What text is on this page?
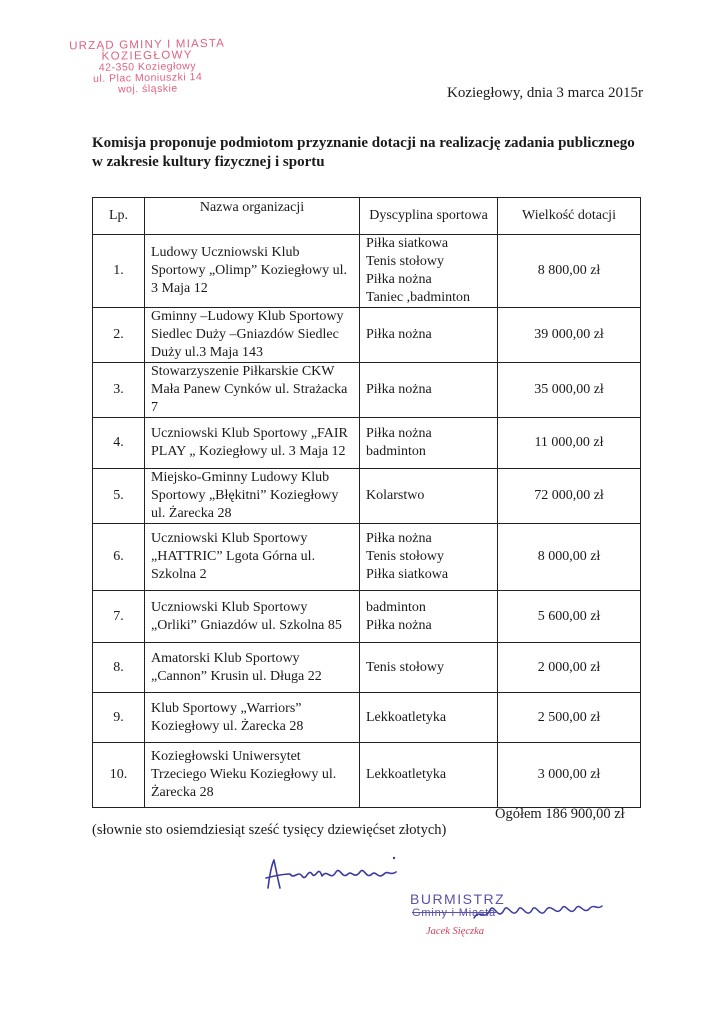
URZĄD GMINY I MIASTA
KOZIEGŁOWY
42-350 Koziegłowy
ul. Plac Moniuszki 14
woj. śląskie	Koziegłowy, dnia 3 marca 2015r
Komisja proponuje podmiotom przyznanie dotacji na realizację zadania publicznego w zakresie kultury fizycznej i sportu
Lp.	Nazwa organizacji	Dyscyplina sportowa	Wielkość dotacji
1.	Ludowy Uczniowski Klub Sportowy „Olimp” Koziegłowy ul. 3 Maja 12	Piłka siatkowa
Tenis stołowy
Piłka nożna
Taniec ,badminton	8 800,00 zł
2.	Gminny –Ludowy Klub Sportowy Siedlec Duży –Gniazdów Siedlec Duży ul.3 Maja 143	Piłka nożna	39 000,00 zł
3.	Stowarzyszenie Piłkarskie CKW Mała Panew Cynków ul. Strażacka 7	Piłka nożna	35 000,00 zł
4.	Uczniowski Klub Sportowy „FAIR PLAY „ Koziegłowy ul. 3 Maja 12	Piłka nożna
badminton	11 000,00 zł
5.	Miejsko-Gminny Ludowy Klub Sportowy „Błękitni” Koziegłowy ul. Żarecka 28	Kolarstwo	72 000,00 zł
6.	Uczniowski Klub Sportowy „HATTRIC” Lgota Górna ul. Szkolna 2	Piłka nożna
Tenis stołowy
Piłka siatkowa	8 000,00 zł
7.	Uczniowski Klub Sportowy „Orliki” Gniazdów ul. Szkolna 85	badminton
Piłka nożna	5 600,00 zł
8.	Amatorski Klub Sportowy „Cannon” Krusin ul. Długa 22	Tenis stołowy	2 000,00 zł
9.	Klub Sportowy „Warriors” Koziegłowy ul. Żarecka 28	Lekkoatletyka	2 500,00 zł
10.	Koziegłowski Uniwersytet Trzeciego Wieku Koziegłowy ul. Żarecka 28	Lekkoatletyka	3 000,00 zł
Ogółem 186 900,00 zł
(słownie sto osiemdziesiąt sześć tysięcy dziewięćset złotych)
BURMISTRZ
Gminy i Miasta
Jacek Sięczka
